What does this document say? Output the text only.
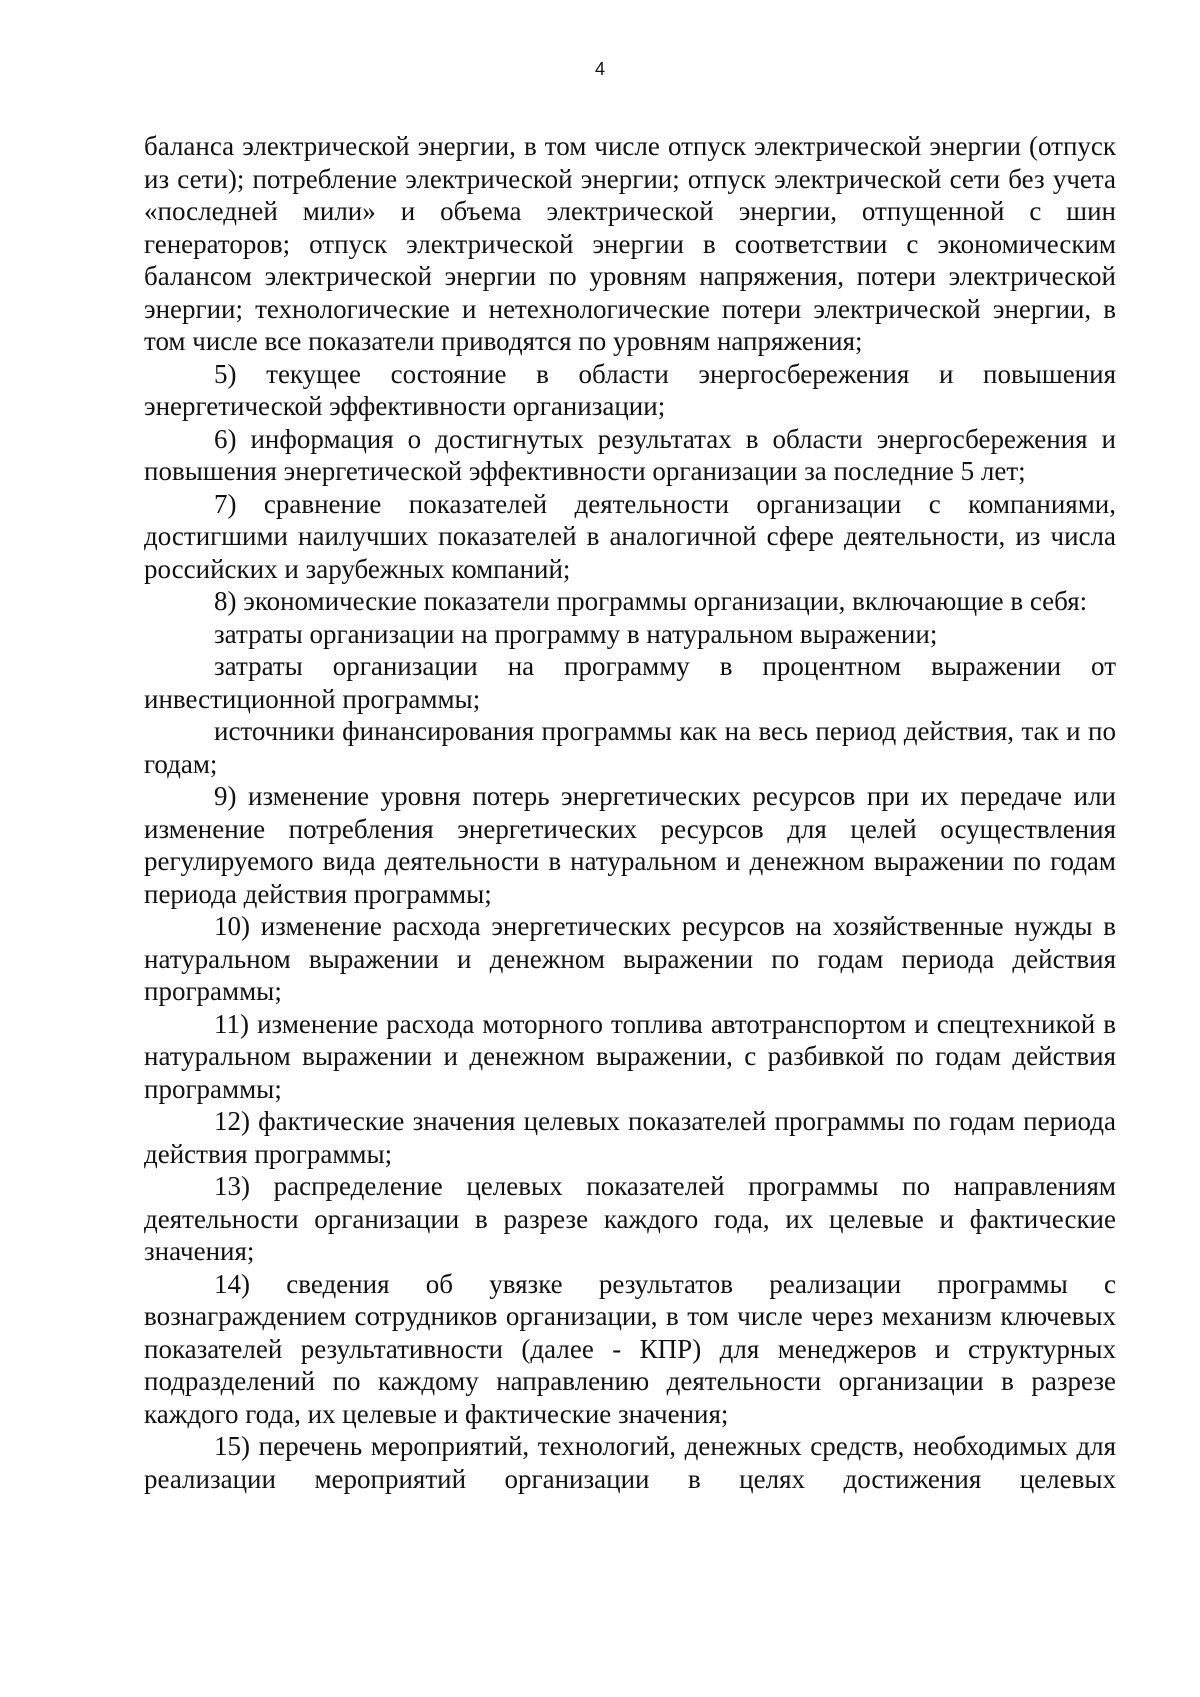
4

баланса электрической энергии, в том числе отпуск электрической энергии (отпуск из сети); потребление электрической энергии; отпуск электрической сети без учета «последней мили» и объема электрической энергии, отпущенной с шин генераторов; отпуск электрической энергии в соответствии с экономическим балансом электрической энергии по уровням напряжения, потери электрической энергии; технологические и нетехнологические потери электрической энергии, в том числе все показатели приводятся по уровням напряжения;

5) текущее состояние в области энергосбережения и повышения энергетической эффективности организации;

6) информация о достигнутых результатах в области энергосбережения и повышения энергетической эффективности организации за последние 5 лет;

7) сравнение показателей деятельности организации с компаниями, достигшими наилучших показателей в аналогичной сфере деятельности, из числа российских и зарубежных компаний;

8) экономические показатели программы организации, включающие в себя:

затраты организации на программу в натуральном выражении;

затраты организации на программу в процентном выражении от инвестиционной программы;

источники финансирования программы как на весь период действия, так и по годам;

9) изменение уровня потерь энергетических ресурсов при их передаче или изменение потребления энергетических ресурсов для целей осуществления регулируемого вида деятельности в натуральном и денежном выражении по годам периода действия программы;

10) изменение расхода энергетических ресурсов на хозяйственные нужды в натуральном выражении и денежном выражении по годам периода действия программы;

11) изменение расхода моторного топлива автотранспортом и спецтехникой в натуральном выражении и денежном выражении, с разбивкой по годам действия программы;

12) фактические значения целевых показателей программы по годам периода действия программы;

13) распределение целевых показателей программы по направлениям деятельности организации в разрезе каждого года, их целевые и фактические значения;

14) сведения об увязке результатов реализации программы с вознаграждением сотрудников организации, в том числе через механизм ключевых показателей результативности (далее - КПР) для менеджеров и структурных подразделений по каждому направлению деятельности организации в разрезе каждого года, их целевые и фактические значения;

15) перечень мероприятий, технологий, денежных средств, необходимых для реализации мероприятий организации в целях достижения целевых
